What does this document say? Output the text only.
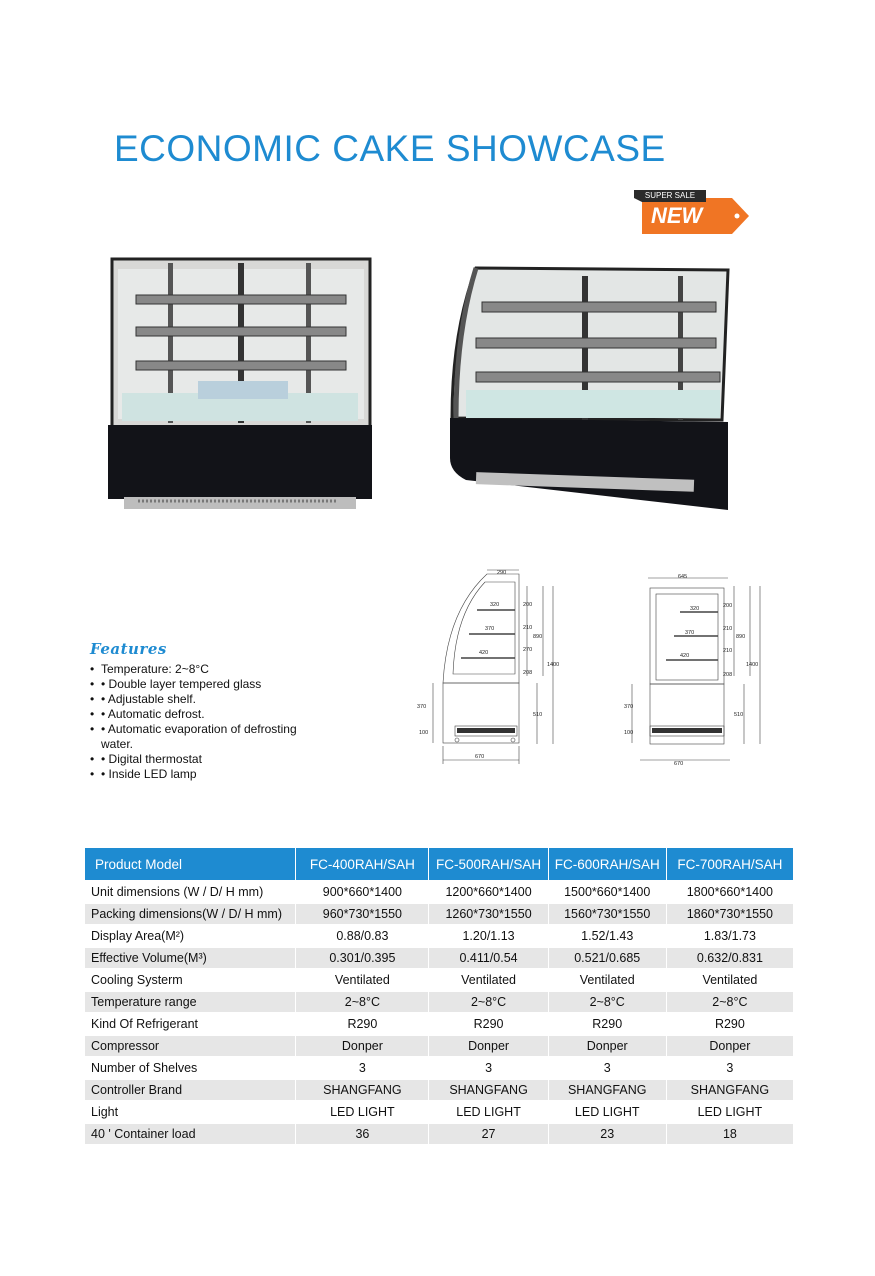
ECONOMIC CAKE SHOWCASE
SUPER SALE
NEW
Features
• Temperature: 2~8°C
• • Double layer tempered glass
• • Adjustable shelf.
• • Automatic defrost.
• • Automatic evaporation of defrosting water.
• • Digital thermostat
• • Inside LED lamp
290
320
370
420
200
210
270
208
890
1400
510
370
100
670
645
320
370
420
200
210
210
208
890
1400
510
370
100
670
Product Model	FC-400RAH/SAH	FC-500RAH/SAH	FC-600RAH/SAH	FC-700RAH/SAH
Unit dimensions (W / D/ H mm)	900*660*1400	1200*660*1400	1500*660*1400	1800*660*1400
Packing dimensions(W / D/ H mm)	960*730*1550	1260*730*1550	1560*730*1550	1860*730*1550
Display Area(M²)	0.88/0.83	1.20/1.13	1.52/1.43	1.83/1.73
Effective Volume(M³)	0.301/0.395	0.411/0.54	0.521/0.685	0.632/0.831
Cooling Systerm	Ventilated	Ventilated	Ventilated	Ventilated
Temperature range	2~8°C	2~8°C	2~8°C	2~8°C
Kind Of Refrigerant	R290	R290	R290	R290
Compressor	Donper	Donper	Donper	Donper
Number of Shelves	3	3	3	3
Controller Brand	SHANGFANG	SHANGFANG	SHANGFANG	SHANGFANG
Light	LED LIGHT	LED LIGHT	LED LIGHT	LED LIGHT
40 ' Container load	36	27	23	18
